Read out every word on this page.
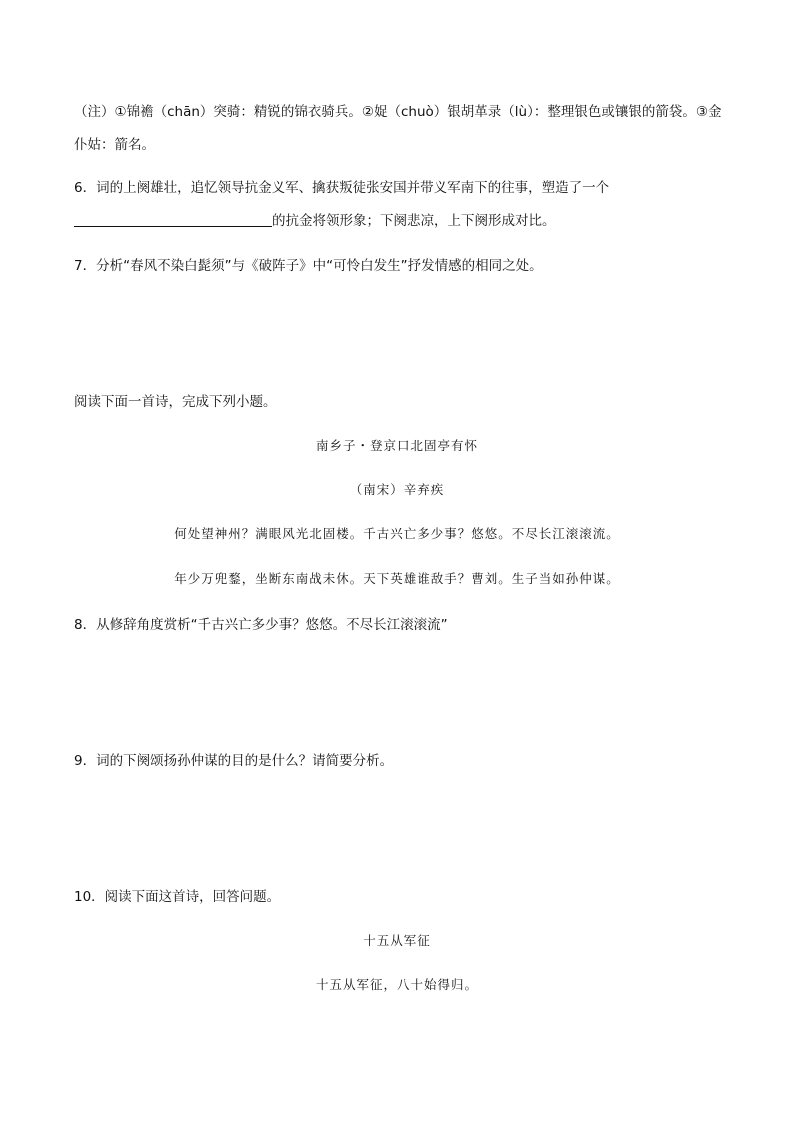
（注）①锦襜（chān）突骑：精锐的锦衣骑兵。②娖（chuò）银胡革录（lù）：整理银色或镶银的箭袋。③金
仆姑：箭名。
6．词的上阕雄壮，追忆领导抗金义军、擒获叛徒张安国并带义军南下的往事，塑造了一个
的抗金将领形象；下阕悲凉，上下阕形成对比。
7．分析“春风不染白髭须”与《破阵子》中“可怜白发生”抒发情感的相同之处。
阅读下面一首诗，完成下列小题。
南乡子・登京口北固亭有怀
（南宋）辛弃疾
何处望神州？满眼风光北固楼。千古兴亡多少事？悠悠。不尽长江滚滚流。
年少万兜鍪，坐断东南战未休。天下英雄谁敌手？曹刘。生子当如孙仲谋。
8．从修辞角度赏析“千古兴亡多少事？悠悠。不尽长江滚滚流”
9．词的下阕颂扬孙仲谋的目的是什么？请简要分析。
10．阅读下面这首诗，回答问题。
十五从军征
十五从军征，八十始得归。
